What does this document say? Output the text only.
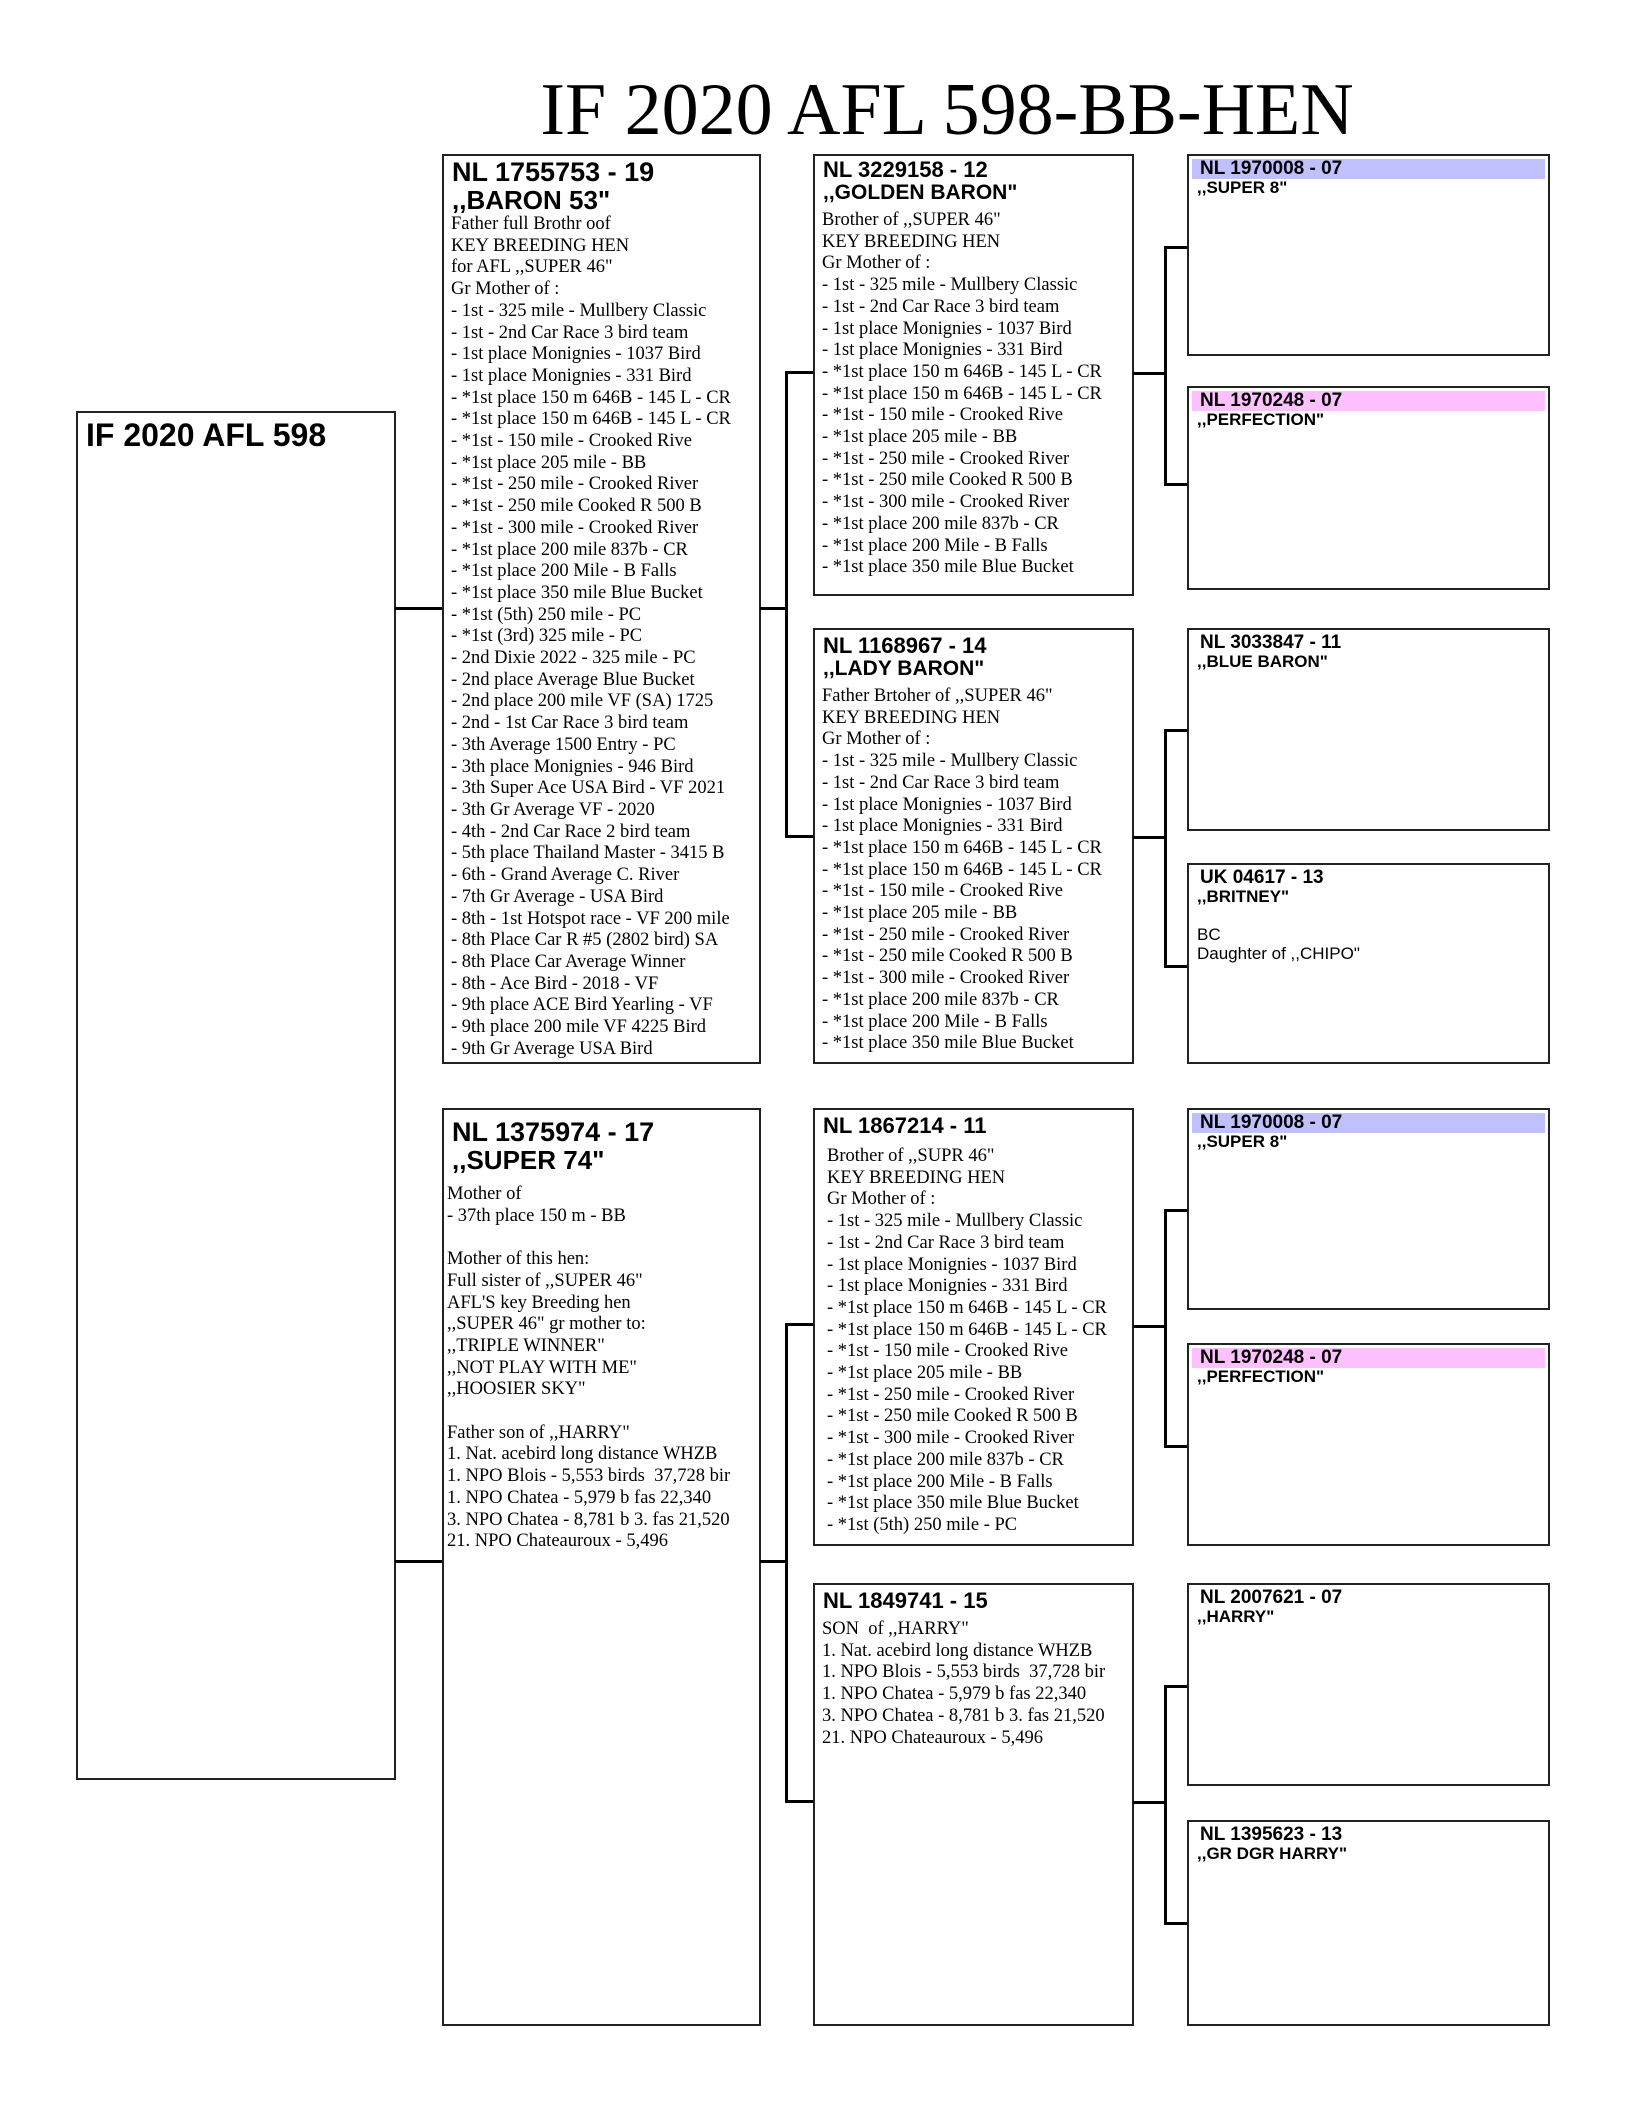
IF 2020 AFL 598-BB-HEN
IF 2020 AFL 598
NL 1755753 - 19
,,BARON 53"
Father full Brothr oof
KEY BREEDING HEN
for AFL ,,SUPER 46"
Gr Mother of :
- 1st - 325 mile - Mullbery Classic
- 1st - 2nd Car Race 3 bird team
- 1st place Monignies - 1037 Bird
- 1st place Monignies - 331 Bird
- *1st place 150 m 646B - 145 L - CR
- *1st place 150 m 646B - 145 L - CR
- *1st - 150 mile - Crooked Rive
- *1st place 205 mile - BB
- *1st - 250 mile - Crooked River
- *1st - 250 mile Cooked R 500 B
- *1st - 300 mile - Crooked River
- *1st place 200 mile 837b - CR
- *1st place 200 Mile - B Falls
- *1st place 350 mile Blue Bucket
- *1st (5th) 250 mile - PC
- *1st (3rd) 325 mile - PC
- 2nd Dixie 2022 - 325 mile - PC
- 2nd place Average Blue Bucket
- 2nd place 200 mile VF (SA) 1725
- 2nd - 1st Car Race 3 bird team
- 3th Average 1500 Entry - PC
- 3th place Monignies - 946 Bird
- 3th Super Ace USA Bird - VF 2021
- 3th Gr Average VF - 2020
- 4th - 2nd Car Race 2 bird team
- 5th place Thailand Master - 3415 B
- 6th - Grand Average C. River
- 7th Gr Average - USA Bird
- 8th - 1st Hotspot race - VF 200 mile
- 8th Place Car R #5 (2802 bird) SA
- 8th Place Car Average Winner
- 8th - Ace Bird - 2018 - VF
- 9th place ACE Bird Yearling - VF
- 9th place 200 mile VF 4225 Bird
- 9th Gr Average USA Bird
NL 1375974 - 17
,,SUPER 74"
Mother of
- 37th place 150 m - BB

Mother of this hen:
Full sister of ,,SUPER 46"
AFL'S key Breeding hen
,,SUPER 46" gr mother to:
,,TRIPLE WINNER"
,,NOT PLAY WITH ME"
,,HOOSIER SKY"

Father son of ,,HARRY"
1. Nat. acebird long distance WHZB
1. NPO Blois - 5,553 birds  37,728 bir
1. NPO Chatea - 5,979 b fas 22,340
3. NPO Chatea - 8,781 b 3. fas 21,520
21. NPO Chateauroux - 5,496
NL 3229158 - 12
,,GOLDEN BARON"
Brother of ,,SUPER 46"
KEY BREEDING HEN
Gr Mother of :
- 1st - 325 mile - Mullbery Classic
- 1st - 2nd Car Race 3 bird team
- 1st place Monignies - 1037 Bird
- 1st place Monignies - 331 Bird
- *1st place 150 m 646B - 145 L - CR
- *1st place 150 m 646B - 145 L - CR
- *1st - 150 mile - Crooked Rive
- *1st place 205 mile - BB
- *1st - 250 mile - Crooked River
- *1st - 250 mile Cooked R 500 B
- *1st - 300 mile - Crooked River
- *1st place 200 mile 837b - CR
- *1st place 200 Mile - B Falls
- *1st place 350 mile Blue Bucket
NL 1168967 - 14
,,LADY BARON"
Father Brtoher of ,,SUPER 46"
KEY BREEDING HEN
Gr Mother of :
- 1st - 325 mile - Mullbery Classic
- 1st - 2nd Car Race 3 bird team
- 1st place Monignies - 1037 Bird
- 1st place Monignies - 331 Bird
- *1st place 150 m 646B - 145 L - CR
- *1st place 150 m 646B - 145 L - CR
- *1st - 150 mile - Crooked Rive
- *1st place 205 mile - BB
- *1st - 250 mile - Crooked River
- *1st - 250 mile Cooked R 500 B
- *1st - 300 mile - Crooked River
- *1st place 200 mile 837b - CR
- *1st place 200 Mile - B Falls
- *1st place 350 mile Blue Bucket
NL 1867214 - 11
Brother of ,,SUPR 46"
KEY BREEDING HEN
Gr Mother of :
- 1st - 325 mile - Mullbery Classic
- 1st - 2nd Car Race 3 bird team
- 1st place Monignies - 1037 Bird
- 1st place Monignies - 331 Bird
- *1st place 150 m 646B - 145 L - CR
- *1st place 150 m 646B - 145 L - CR
- *1st - 150 mile - Crooked Rive
- *1st place 205 mile - BB
- *1st - 250 mile - Crooked River
- *1st - 250 mile Cooked R 500 B
- *1st - 300 mile - Crooked River
- *1st place 200 mile 837b - CR
- *1st place 200 Mile - B Falls
- *1st place 350 mile Blue Bucket
- *1st (5th) 250 mile - PC
NL 1849741 - 15
SON  of ,,HARRY"
1. Nat. acebird long distance WHZB
1. NPO Blois - 5,553 birds  37,728 bir
1. NPO Chatea - 5,979 b fas 22,340
3. NPO Chatea - 8,781 b 3. fas 21,520
21. NPO Chateauroux - 5,496
NL 1970008 - 07
,,SUPER 8"
NL 1970248 - 07
,,PERFECTION"
NL 3033847 - 11
,,BLUE BARON"
UK 04617 - 13
,,BRITNEY"

BC
Daughter of ,,CHIPO"
NL 1970008 - 07
,,SUPER 8"
NL 1970248 - 07
,,PERFECTION"
NL 2007621 - 07
,,HARRY"
NL 1395623 - 13
,,GR DGR HARRY"
